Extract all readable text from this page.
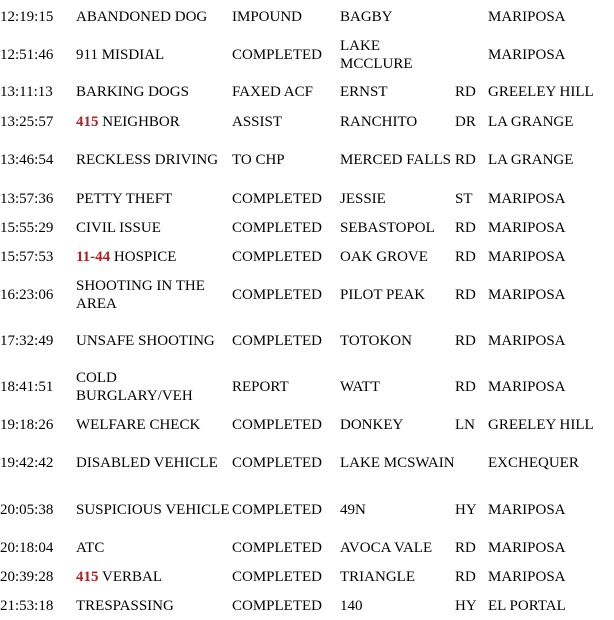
12:19:15	ABANDONED DOG	IMPOUND	BAGBY		MARIPOSA
12:51:46	911 MISDIAL	COMPLETED	LAKE MCCLURE		MARIPOSA
13:11:13	BARKING DOGS	FAXED ACF	ERNST	RD	GREELEY HILL
13:25:57	415 NEIGHBOR	ASSIST	RANCHITO	DR	LA GRANGE
13:46:54	RECKLESS DRIVING	TO CHP	MERCED FALLS	RD	LA GRANGE
13:57:36	PETTY THEFT	COMPLETED	JESSIE	ST	MARIPOSA
15:55:29	CIVIL ISSUE	COMPLETED	SEBASTOPOL	RD	MARIPOSA
15:57:53	11-44 HOSPICE	COMPLETED	OAK GROVE	RD	MARIPOSA
16:23:06	SHOOTING IN THE AREA	COMPLETED	PILOT PEAK	RD	MARIPOSA
17:32:49	UNSAFE SHOOTING	COMPLETED	TOTOKON	RD	MARIPOSA
18:41:51	COLD BURGLARY/VEH	REPORT	WATT	RD	MARIPOSA
19:18:26	WELFARE CHECK	COMPLETED	DONKEY	LN	GREELEY HILL
19:42:42	DISABLED VEHICLE	COMPLETED	LAKE MCSWAIN		EXCHEQUER
20:05:38	SUSPICIOUS VEHICLE	COMPLETED	49N	HY	MARIPOSA
20:18:04	ATC	COMPLETED	AVOCA VALE	RD	MARIPOSA
20:39:28	415 VERBAL	COMPLETED	TRIANGLE	RD	MARIPOSA
21:53:18	TRESPASSING	COMPLETED	140	HY	EL PORTAL
